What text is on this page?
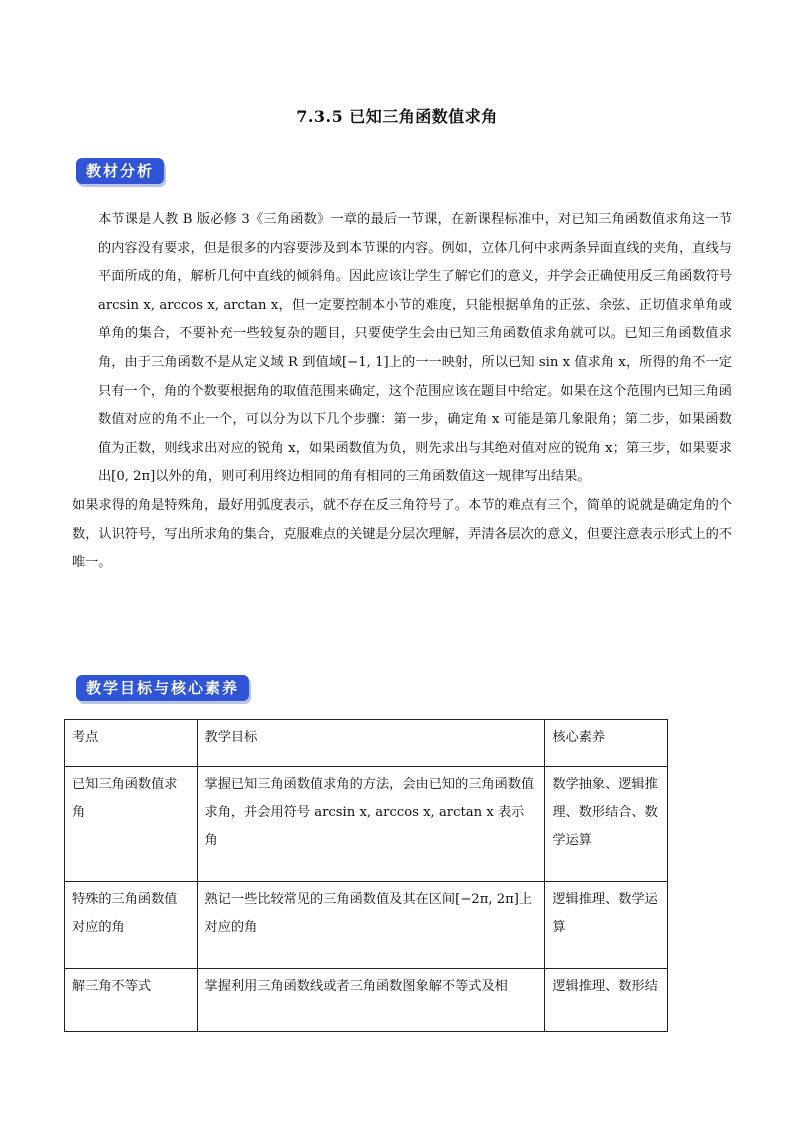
7.3.5 已知三角函数值求角
教材分析

本节课是人教 B 版必修 3《三角函数》一章的最后一节课，在新课程标准中，对已知三角函数值求角这一节的内容没有要求，但是很多的内容要涉及到本节课的内容。例如，立体几何中求两条异面直线的夹角，直线与平面所成的角，解析几何中直线的倾斜角。因此应该让学生了解它们的意义，并学会正确使用反三角函数符号 arcsin x, arccos x, arctan x，但一定要控制本小节的难度，只能根据单角的正弦、余弦、正切值求单角或单角的集合，不要补充一些较复杂的题目，只要使学生会由已知三角函数值求角就可以。已知三角函数值求角，由于三角函数不是从定义域 R 到值域[−1, 1]上的一一映射，所以已知 sin x 值求角 x，所得的角不一定只有一个，角的个数要根据角的取值范围来确定，这个范围应该在题目中给定。如果在这个范围内已知三角函数值对应的角不止一个，可以分为以下几个步骤：第一步，确定角 x 可能是第几象限角；第二步，如果函数值为正数，则线求出对应的锐角 x，如果函数值为负，则先求出与其绝对值对应的锐角 x；第三步，如果要求出[0, 2π]以外的角，则可利用终边相同的角有相同的三角函数值这一规律写出结果。

如果求得的角是特殊角，最好用弧度表示，就不存在反三角符号了。本节的难点有三个，简单的说就是确定角的个数，认识符号，写出所求角的集合，克服难点的关键是分层次理解，弄清各层次的意义，但要注意表示形式上的不唯一。

教学目标与核心素养
考点	教学目标	核心素养
已知三角函数值求角	掌握已知三角函数值求角的方法，会由已知的三角函数值求角，并会用符号 arcsin x, arccos x, arctan x 表示角	数学抽象、逻辑推理、数形结合、数学运算
特殊的三角函数值对应的角	熟记一些比较常见的三角函数值及其在区间[−2π, 2π]上对应的角	逻辑推理、数学运算
解三角不等式	掌握利用三角函数线或者三角函数图象解不等式及相	逻辑推理、数形结
